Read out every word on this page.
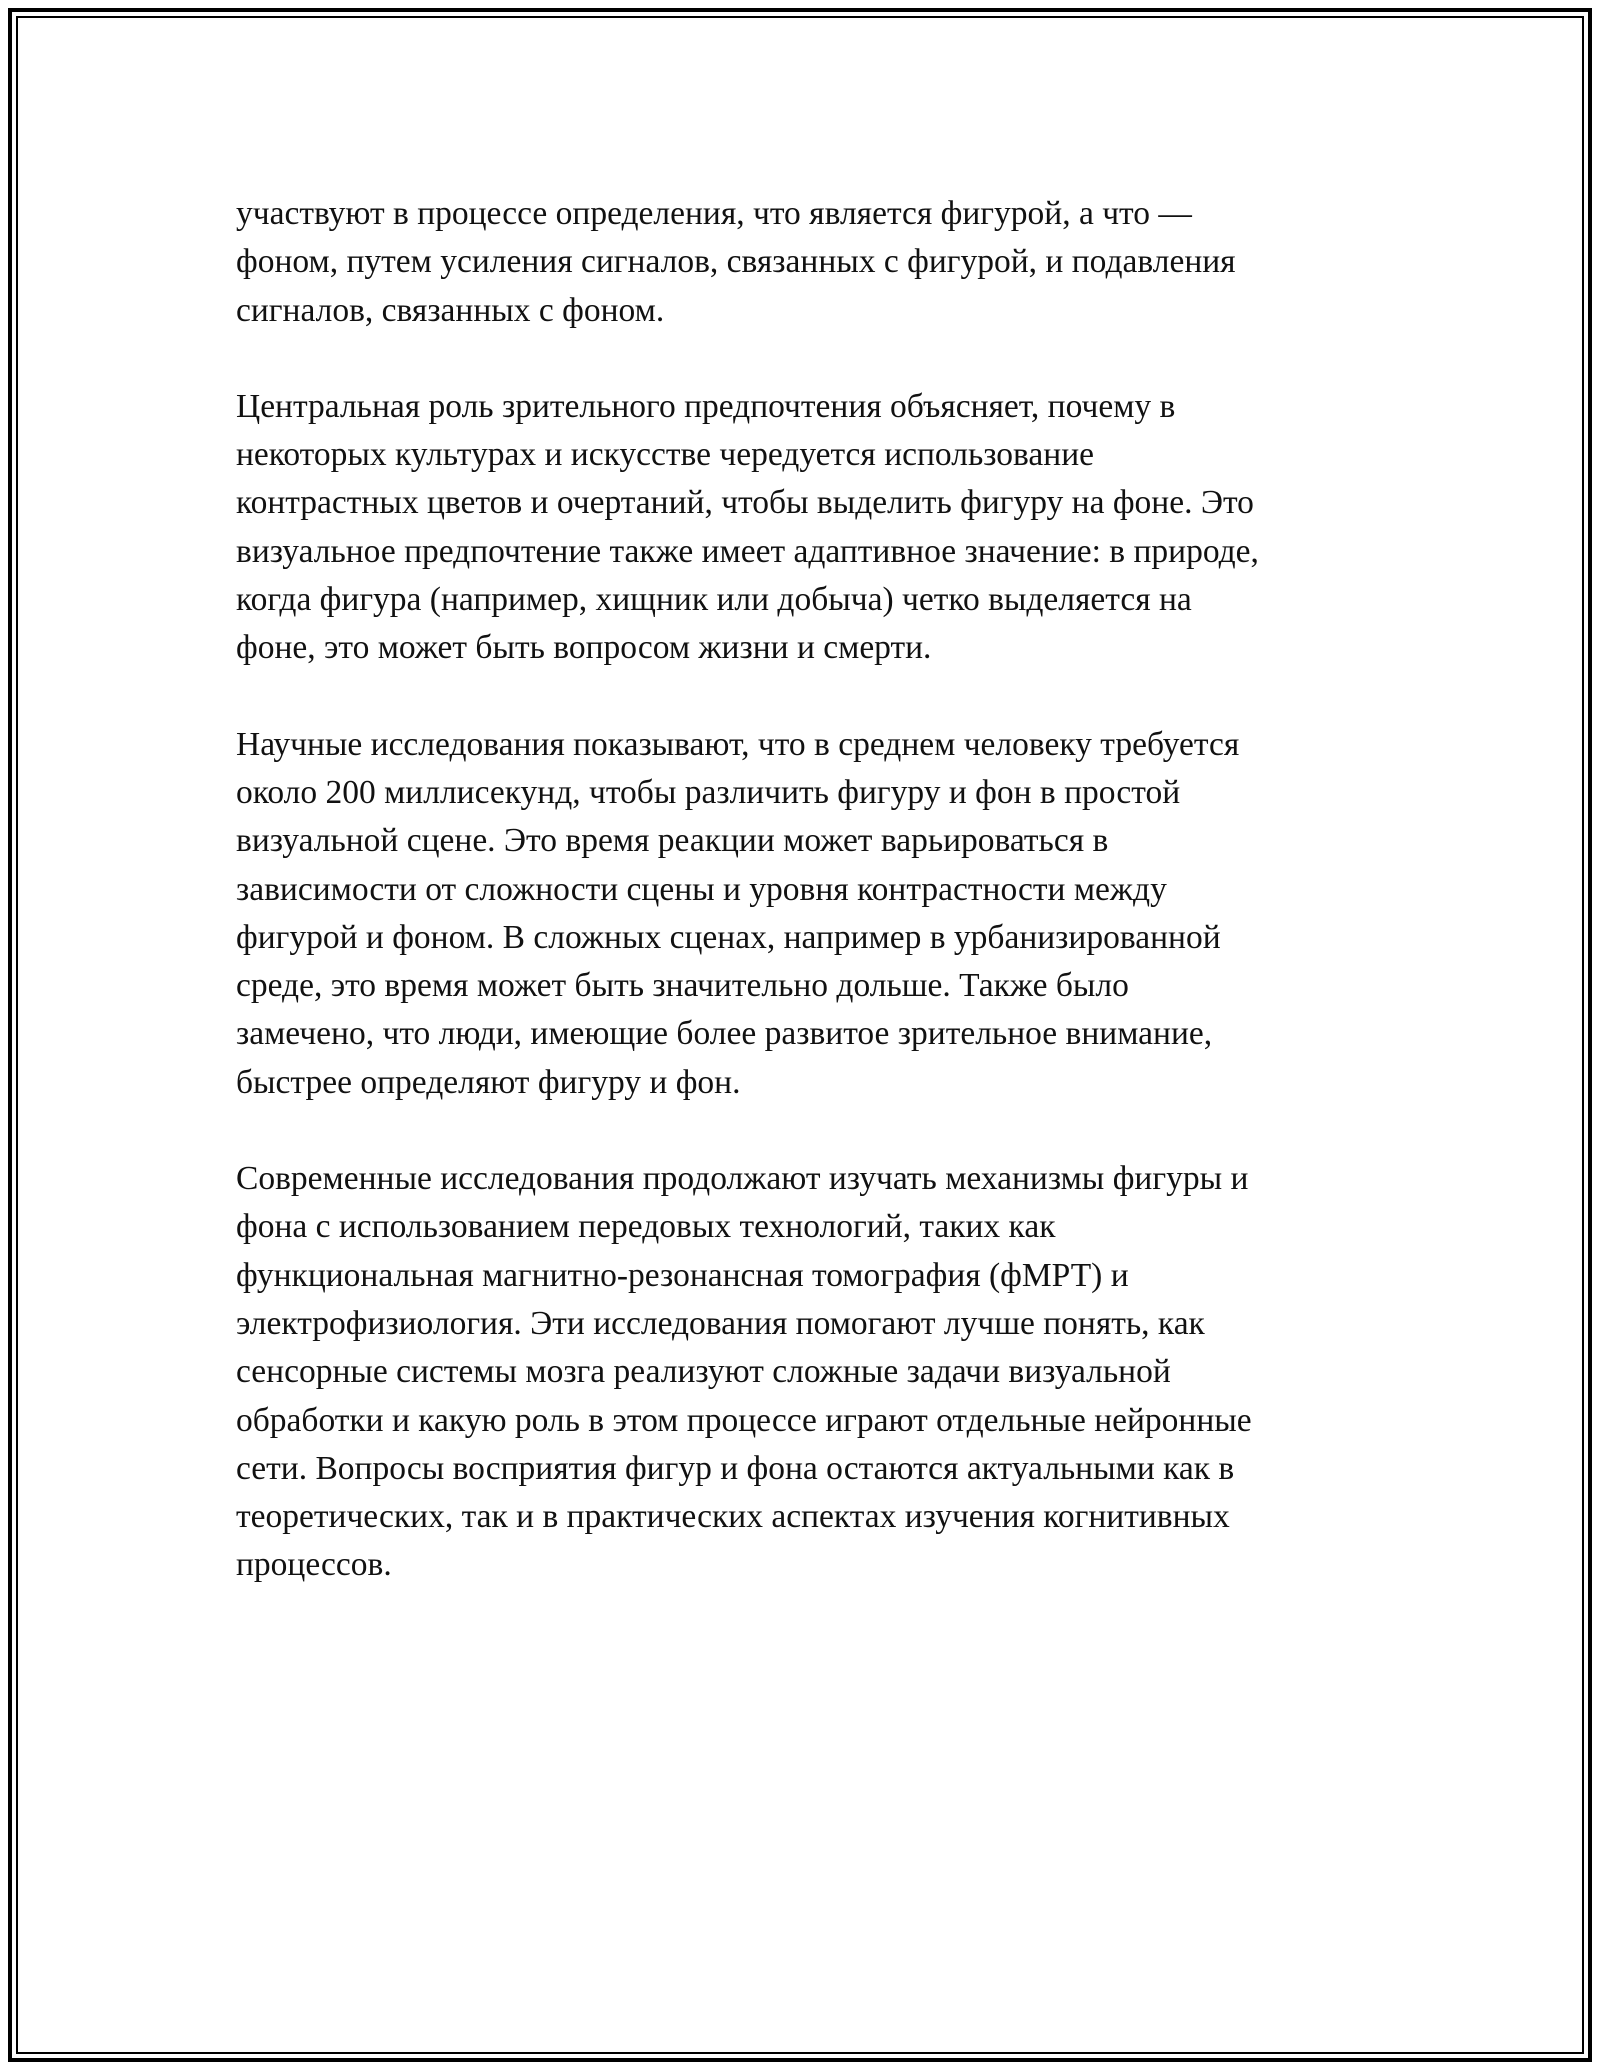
участвуют в процессе определения, что является фигурой, а что —
фоном, путем усиления сигналов, связанных с фигурой, и подавления
сигналов, связанных с фоном.

Центральная роль зрительного предпочтения объясняет, почему в
некоторых культурах и искусстве чередуется использование
контрастных цветов и очертаний, чтобы выделить фигуру на фоне. Это
визуальное предпочтение также имеет адаптивное значение: в природе,
когда фигура (например, хищник или добыча) четко выделяется на
фоне, это может быть вопросом жизни и смерти.

Научные исследования показывают, что в среднем человеку требуется
около 200 миллисекунд, чтобы различить фигуру и фон в простой
визуальной сцене. Это время реакции может варьироваться в
зависимости от сложности сцены и уровня контрастности между
фигурой и фоном. В сложных сценах, например в урбанизированной
среде, это время может быть значительно дольше. Также было
замечено, что люди, имеющие более развитое зрительное внимание,
быстрее определяют фигуру и фон.

Современные исследования продолжают изучать механизмы фигуры и
фона с использованием передовых технологий, таких как
функциональная магнитно-резонансная томография (фМРТ) и
электрофизиология. Эти исследования помогают лучше понять, как
сенсорные системы мозга реализуют сложные задачи визуальной
обработки и какую роль в этом процессе играют отдельные нейронные
сети. Вопросы восприятия фигур и фона остаются актуальными как в
теоретических, так и в практических аспектах изучения когнитивных
процессов.
